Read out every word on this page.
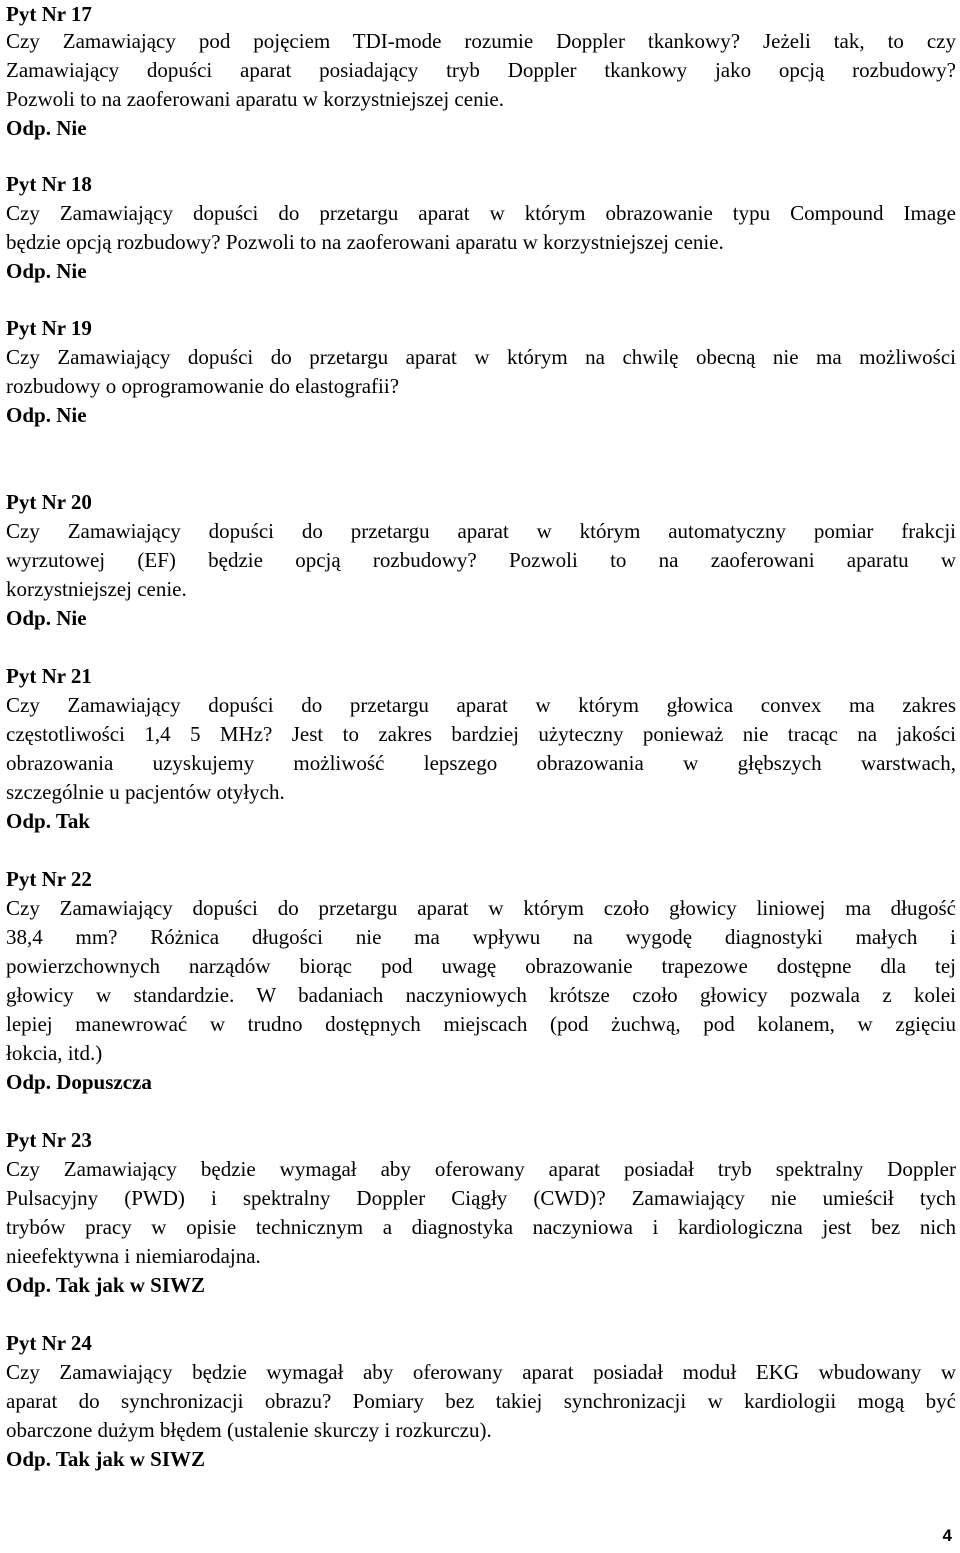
Pyt Nr 17
Czy Zamawiający pod pojęciem TDI-mode rozumie Doppler tkankowy? Jeżeli tak, to czy
Zamawiający dopuści aparat posiadający tryb Doppler tkankowy jako opcją rozbudowy?
Pozwoli to na zaoferowani aparatu w korzystniejszej cenie.
Odp. Nie
Pyt Nr 18
Czy Zamawiający dopuści do przetargu aparat w którym obrazowanie typu Compound Image
będzie opcją rozbudowy? Pozwoli to na zaoferowani aparatu w korzystniejszej cenie.
Odp. Nie
Pyt Nr 19
Czy Zamawiający dopuści do przetargu aparat w którym na chwilę obecną nie ma możliwości
rozbudowy o oprogramowanie do elastografii?
Odp. Nie
Pyt Nr 20
Czy Zamawiający dopuści do przetargu aparat w którym automatyczny pomiar frakcji
wyrzutowej (EF) będzie opcją rozbudowy? Pozwoli to na zaoferowani aparatu w
korzystniejszej cenie.
Odp. Nie
Pyt Nr 21
Czy Zamawiający dopuści do przetargu aparat w którym głowica convex ma zakres
częstotliwości 1,4 5 MHz? Jest to zakres bardziej użyteczny ponieważ nie tracąc na jakości
obrazowania uzyskujemy możliwość lepszego obrazowania w głębszych warstwach,
szczególnie u pacjentów otyłych.
Odp. Tak
Pyt Nr 22
Czy Zamawiający dopuści do przetargu aparat w którym czoło głowicy liniowej ma długość
38,4 mm? Różnica długości nie ma wpływu na wygodę diagnostyki małych i
powierzchownych narządów biorąc pod uwagę obrazowanie trapezowe dostępne dla tej
głowicy w standardzie. W badaniach naczyniowych krótsze czoło głowicy pozwala z kolei
lepiej manewrować w trudno dostępnych miejscach (pod żuchwą, pod kolanem, w zgięciu
łokcia, itd.)
Odp. Dopuszcza
Pyt Nr 23
Czy Zamawiający będzie wymagał aby oferowany aparat posiadał tryb spektralny Doppler
Pulsacyjny (PWD) i spektralny Doppler Ciągły (CWD)? Zamawiający nie umieścił tych
trybów pracy w opisie technicznym a diagnostyka naczyniowa i kardiologiczna jest bez nich
nieefektywna i niemiarodajna.
Odp. Tak jak w SIWZ
Pyt Nr 24
Czy Zamawiający będzie wymagał aby oferowany aparat posiadał moduł EKG wbudowany w
aparat do synchronizacji obrazu? Pomiary bez takiej synchronizacji w kardiologii mogą być
obarczone dużym błędem (ustalenie skurczy i rozkurczu).
Odp. Tak jak w SIWZ
4
